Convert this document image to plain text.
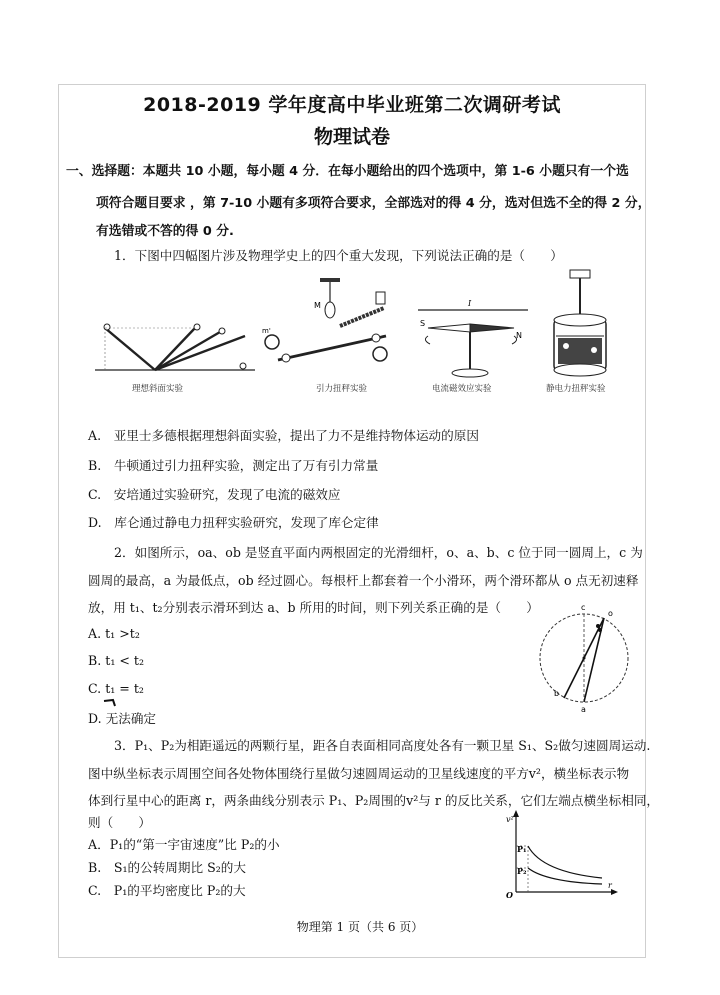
2018-2019 学年度高中毕业班第二次调研考试
物理试卷
一、选择题：本题共 10 小题，每小题 4 分．在每小题给出的四个选项中，第 1-6 小题只有一个选
项符合题目要求 ，第 7-10 小题有多项符合要求，全部选对的得 4 分，选对但选不全的得 2 分，
有选错或不答的得 0 分.
1．下图中四幅图片涉及物理学史上的四个重大发现，下列说法正确的是（　　）
理想斜面实验
M
m'
引力扭秤实验
I
S
N
电流磁效应实验	静电力扭秤实验
A.　亚里士多德根据理想斜面实验，提出了力不是维持物体运动的原因
B.　牛顿通过引力扭秤实验，测定出了万有引力常量
C.　安培通过实验研究，发现了电流的磁效应
D.　库仑通过静电力扭秤实验研究，发现了库仑定律
2．如图所示，oa、ob 是竖直平面内两根固定的光滑细杆，o、a、b、c 位于同一圆周上，c 为
圆周的最高，a 为最低点，ob 经过圆心。每根杆上都套着一个小滑环，两个滑环都从 o 点无初速释
放，用 t₁、t₂分别表示滑环到达 a、b 所用的时间，则下列关系正确的是（　　）
A. t₁ >t₂
B. t₁ < t₂
C. t₁ = t₂
D. 无法确定
c
o
b
a
3．P₁、P₂为相距遥远的两颗行星，距各自表面相同高度处各有一颗卫星 S₁、S₂做匀速圆周运动.
图中纵坐标表示周围空间各处物体围绕行星做匀速圆周运动的卫星线速度的平方v²，横坐标表示物
体到行星中心的距离 r，两条曲线分别表示 P₁、P₂周围的v²与 r 的反比关系，它们左端点横坐标相同，
则（　　）
A．P₁的“第一宇宙速度”比 P₂的小
B.　S₁的公转周期比 S₂的大
C.　P₁的平均密度比 P₂的大
v²
P₁
P₂
O
r
物理第 1 页（共 6 页）
